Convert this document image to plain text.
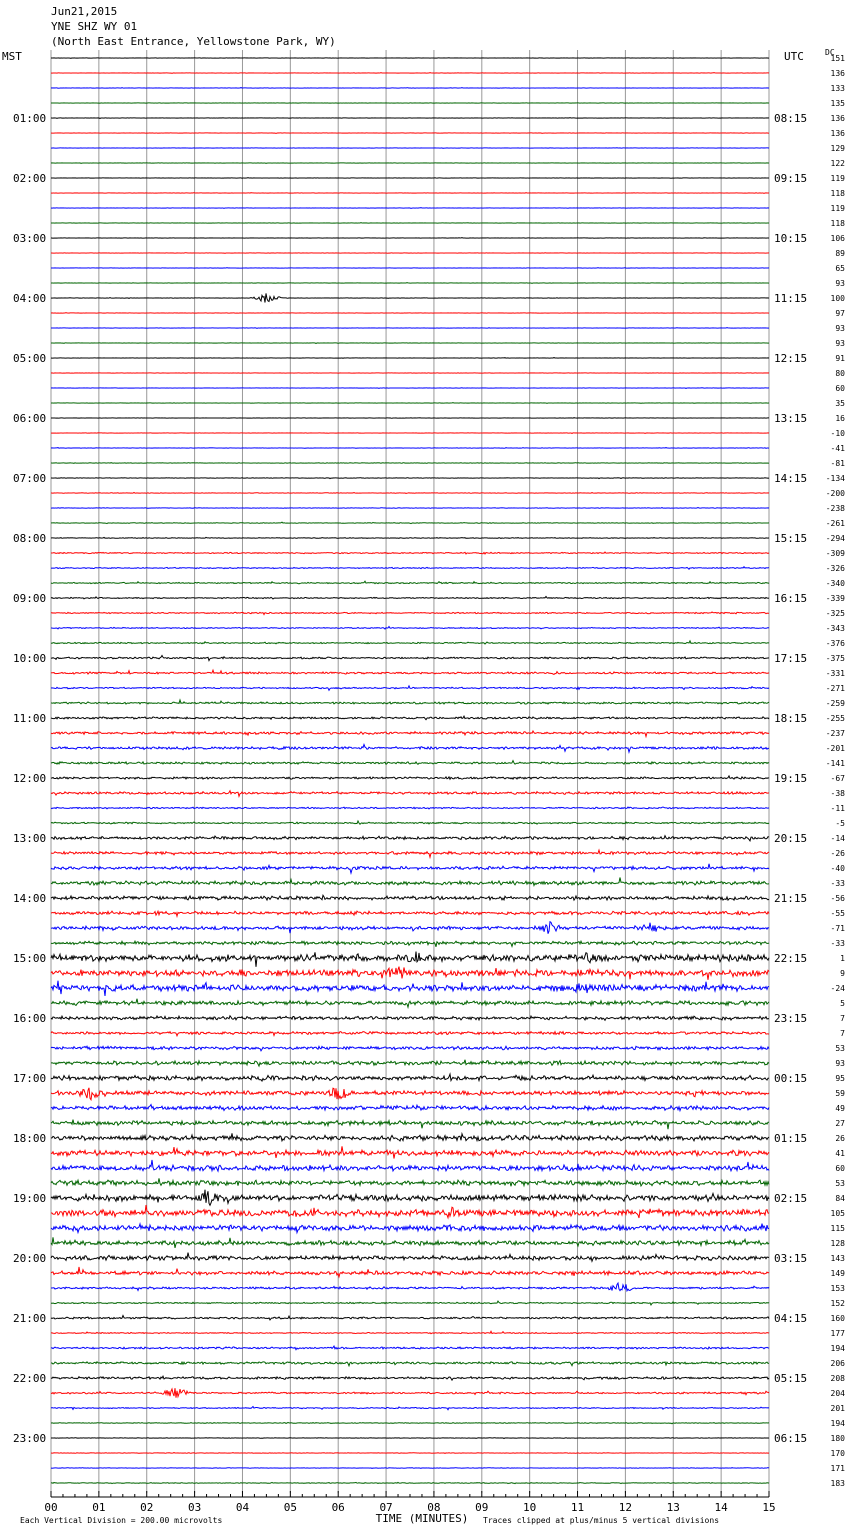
Jun21,2015
YNE SHZ WY 01
(North East Entrance, Yellowstone Park, WY)
MST	UTC	DC
01:00
02:00
03:00
04:00
05:00
06:00
07:00
08:00
09:00
10:00
11:00
12:00
13:00
14:00
15:00
16:00
17:00
18:00
19:00
20:00
21:00
22:00
23:00
08:15
09:15
10:15
11:15
12:15
13:15
14:15
15:15
16:15
17:15
18:15
19:15
20:15
21:15
22:15
23:15
00:15
01:15
02:15
03:15
04:15
05:15
06:15
151
136
133
135
136
136
129
122
119
118
119
118
106
89
65
93
100
97
93
93
91
80
60
35
16
-10
-41
-81
-134
-200
-238
-261
-294
-309
-326
-340
-339
-325
-343
-376
-375
-331
-271
-259
-255
-237
-201
-141
-67
-38
-11
-5
-14
-26
-40
-33
-56
-55
-71
-33
1
9
-24
5
7
7
53
93
95
59
49
27
26
41
60
53
84
105
115
128
143
149
153
152
160
177
194
206
208
204
201
194
180
170
171
183
00	01	02	03	04	05	06	07	08	09	10	11	12	13	14	15
TIME (MINUTES)
Each Vertical Division = 200.00 microvolts	Traces clipped at plus/minus 5 vertical divisions
